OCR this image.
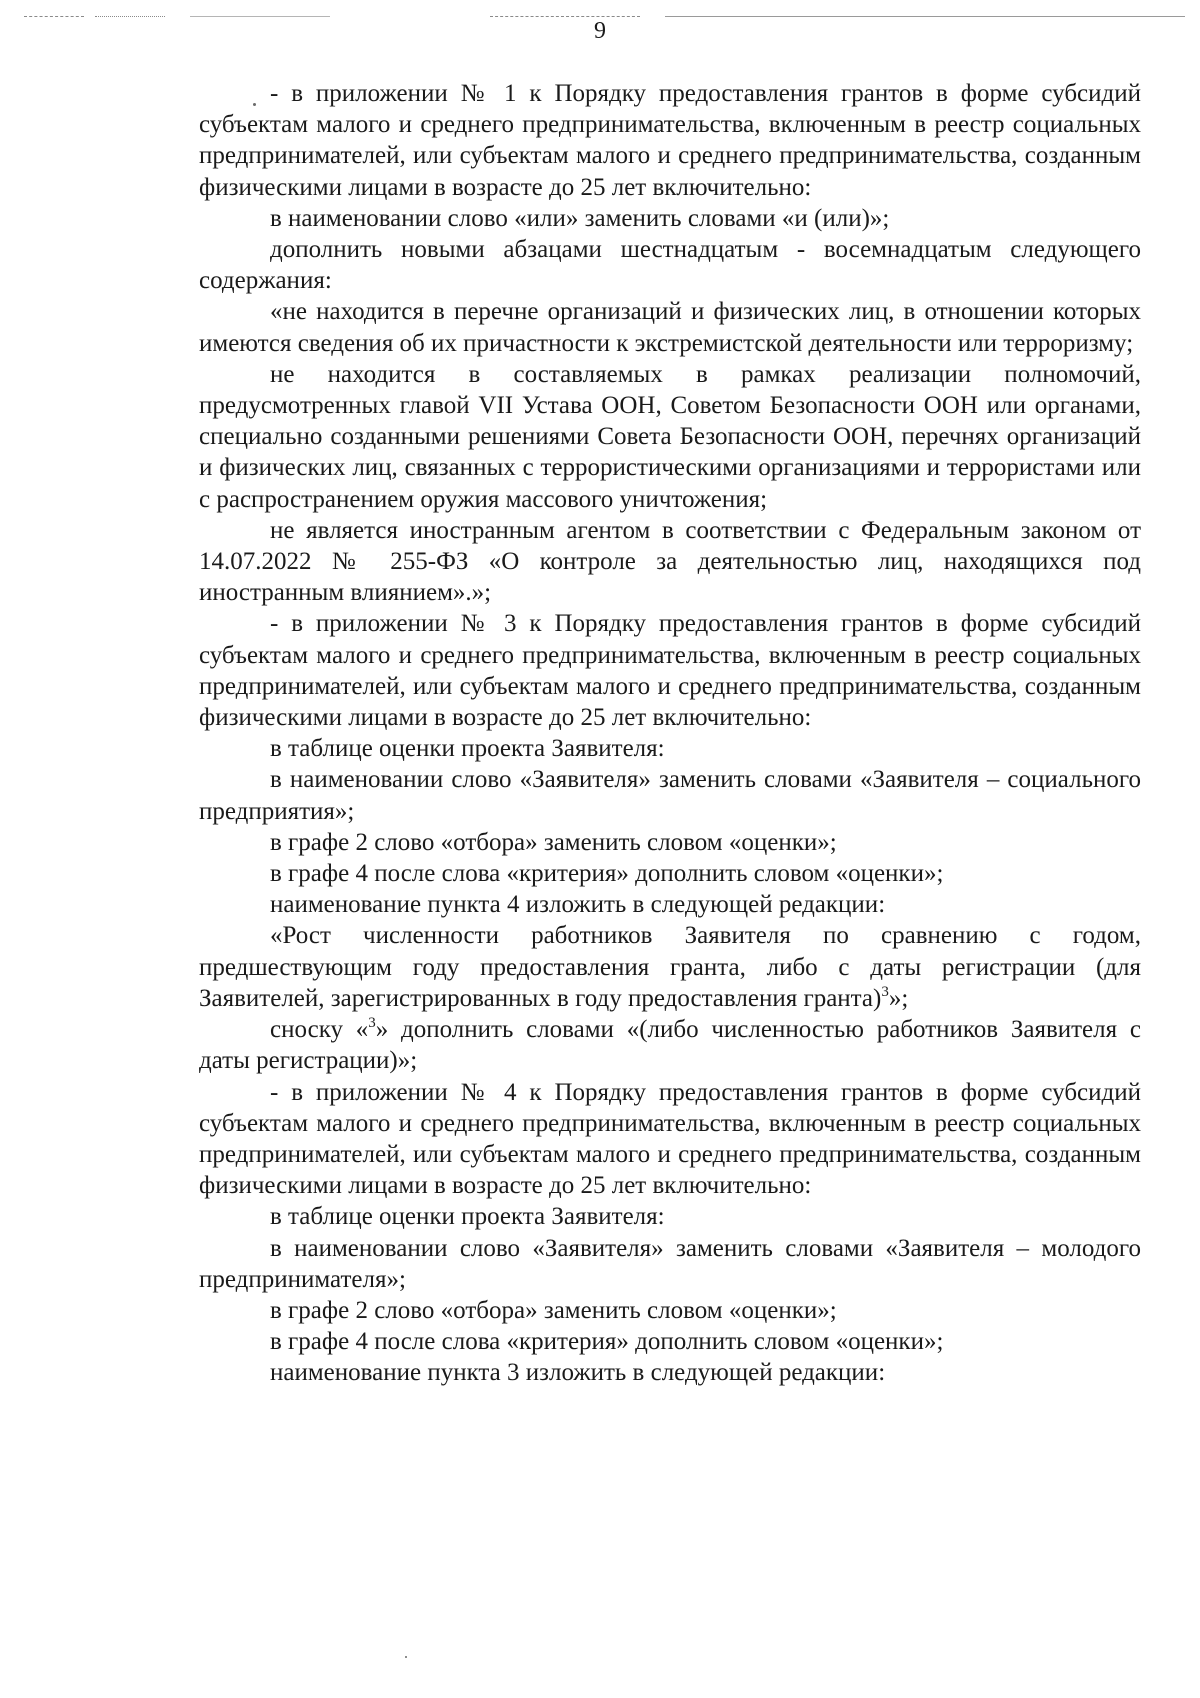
9

- в приложении № 1 к Порядку предоставления грантов в форме субсидий субъектам малого и среднего предпринимательства, включенным в реестр социальных предпринимателей, или субъектам малого и среднего предпринимательства, созданным физическими лицами в возрасте до 25 лет включительно:

в наименовании слово «или» заменить словами «и (или)»;

дополнить новыми абзацами шестнадцатым - восемнадцатым следующего содержания:

«не находится в перечне организаций и физических лиц, в отношении которых имеются сведения об их причастности к экстремистской деятельности или терроризму;

не находится в составляемых в рамках реализации полномочий, предусмотренных главой VII Устава ООН, Советом Безопасности ООН или органами, специально созданными решениями Совета Безопасности ООН, перечнях организаций и физических лиц, связанных с террористическими организациями и террористами или с распространением оружия массового уничтожения;

не является иностранным агентом в соответствии с Федеральным законом от 14.07.2022 № 255-ФЗ «О контроле за деятельностью лиц, находящихся под иностранным влиянием».»;

- в приложении № 3 к Порядку предоставления грантов в форме субсидий субъектам малого и среднего предпринимательства, включенным в реестр социальных предпринимателей, или субъектам малого и среднего предпринимательства, созданным физическими лицами в возрасте до 25 лет включительно:

в таблице оценки проекта Заявителя:

в наименовании слово «Заявителя» заменить словами «Заявителя – социального предприятия»;

в графе 2 слово «отбора» заменить словом «оценки»;

в графе 4 после слова «критерия» дополнить словом «оценки»;

наименование пункта 4 изложить в следующей редакции:

«Рост численности работников Заявителя по сравнению с годом, предшествующим году предоставления гранта, либо с даты регистрации (для Заявителей, зарегистрированных в году предоставления гранта)$^3$»;

сноску «$^3$» дополнить словами «(либо численностью работников Заявителя с даты регистрации)»;

- в приложении № 4 к Порядку предоставления грантов в форме субсидий субъектам малого и среднего предпринимательства, включенным в реестр социальных предпринимателей, или субъектам малого и среднего предпринимательства, созданным физическими лицами в возрасте до 25 лет включительно:

в таблице оценки проекта Заявителя:

в наименовании слово «Заявителя» заменить словами «Заявителя – молодого предпринимателя»;

в графе 2 слово «отбора» заменить словом «оценки»;

в графе 4 после слова «критерия» дополнить словом «оценки»;

наименование пункта 3 изложить в следующей редакции:
